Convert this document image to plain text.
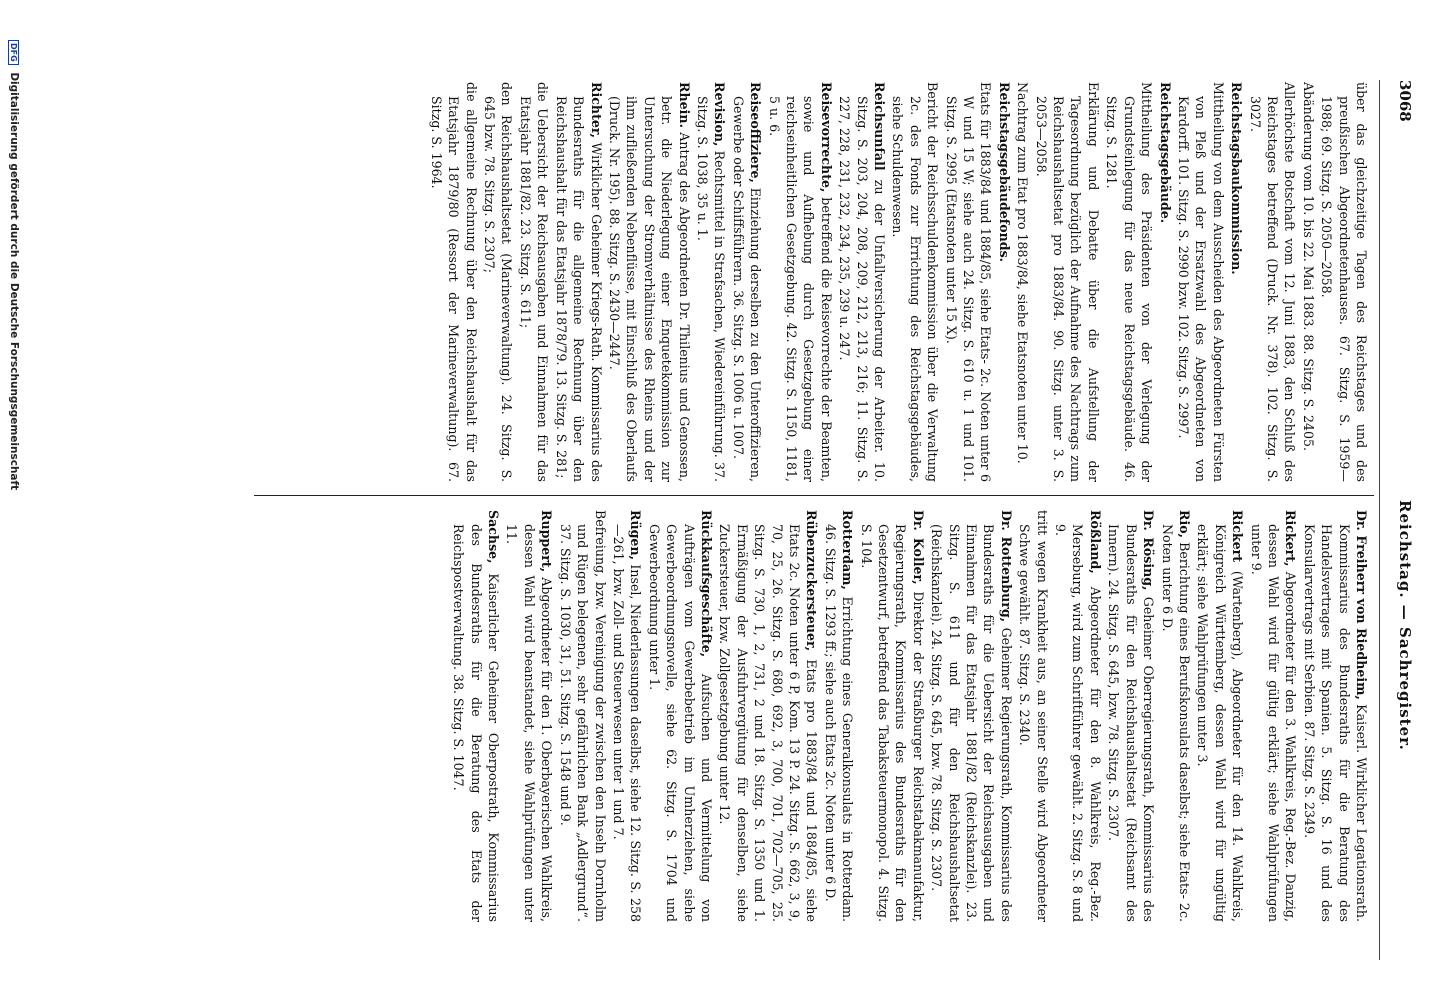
3068
Reichstag. — Sachregister.

über das gleichzeitige Tagen des Reichstages und des preußischen Abgeordnetenhauses. 67. Sitzg. S. 1959—1988; 69. Sitzg. S. 2050—2058.

Abänderung vom 10. bis 22. Mai 1883. 88. Sitzg. S. 2405.

Allerhöchste Botschaft vom 12. Juni 1883, den Schluß des Reichstages betreffend (Druck. Nr. 378). 102. Sitzg. S. 3027.

Reichstagsbaukommission.

Mittheilung von dem Ausscheiden des Abgeordneten Fürsten von Pleß und der Ersatzwahl des Abgeordneten von Kardorff. 101. Sitzg. S. 2990 bzw. 102. Sitzg. S. 2997.

Reichstagsgebäude.

Mittheilung des Präsidenten von der Verlegung der Grundsteinlegung für das neue Reichstagsgebäude. 46. Sitzg. S. 1281.

Erklärung und Debatte über die Aufstellung der Tagesordnung bezüglich der Aufnahme des Nachtrags zum Reichshaushaltsetat pro 1883/84. 90. Sitzg. unter 3. S. 2053—2058.

Nachtrag zum Etat pro 1883/84, siehe Etatsnoten unter 10.

Reichstagsgebäudefonds.

Etats für 1883/84 und 1884/85, siehe Etats- 2c. Noten unter 6 W und 15 W; siehe auch 24. Sitzg. S. 610 u. 1 und 101. Sitzg. S. 2995 (Etatsnoten unter 15 X).

Bericht der Reichsschuldenkommission über die Verwaltung 2c. des Fonds zur Errichtung des Reichstagsgebäudes, siehe Schuldenwesen.

Reichsunfall zu der Unfallversicherung der Arbeiter. 10. Sitzg. S. 203, 204, 208, 209, 212, 213, 216; 11. Sitzg. S. 227, 228, 231, 232, 234, 235, 239 u. 247.

Reisevorrechte, betreffend die Reisevorrechte der Beamten, sowie und Aufhebung durch Gesetzgebung einer reichseinheitlichen Gesetzgebung. 42. Sitzg. S. 1150, 1181, 5 u. 6.

Reiseoffiziere, Einziehung derselben zu den Unteroffizieren, Gewerbe oder Schiffsführern. 36. Sitzg. S. 1006 u. 1007.

Revision, Rechtsmittel in Strafsachen, Wiedereinführung. 37. Sitzg. S. 1038, 35 u. 1.

Rhein. Antrag des Abgeordneten Dr. Thilenius und Genossen, betr. die Niederlegung einer Enquetekommission zur Untersuchung der Stromverhältnisse des Rheins und der ihm zufließenden Nebenflüsse, mit Einschluß des Oberlaufs (Druck. Nr. 195). 88. Sitzg. S. 2430—2447.

Richter, Wirklicher Geheimer Kriegs-Rath. Kommissarius des Bundesraths für die allgemeine Rechnung über den Reichshaushalt für das Etatsjahr 1878/79. 13. Sitzg. S. 281;

die Uebersicht der Reichsausgaben und Einnahmen für das Etatsjahr 1881/82. 23. Sitzg. S. 611;

den Reichshaushaltsetat (Marineverwaltung). 24. Sitzg. S. 645 bzw. 78. Sitzg. S. 2307;

die allgemeine Rechnung über den Reichshaushalt für das Etatsjahr 1879/80 (Ressort der Marineverwaltung). 67. Sitzg. S. 1964.

Dr. Freiherr von Riedheim, Kaiserl. Wirklicher Legationsrath. Kommissarius des Bundesraths für die Beratung des Handelsvertrages mit Spanien. 5. Sitzg. S. 16 und des Konsularvertrags mit Serbien. 87. Sitzg. S. 2349.

Rickert, Abgeordneter für den 3. Wahlkreis, Reg.-Bez. Danzig, dessen Wahl wird für gültig erklärt; siehe Wahlprüfungen unter 9.

Rickert (Wartenberg), Abgeordneter für den 14. Wahlkreis, Königreich Württemberg, dessen Wahl wird für ungültig erklärt; siehe Wahlprüfungen unter 3.

Rio, Berichtung eines Berufskonsulats daselbst; siehe Etats- 2c. Noten unter 6 D.

Dr. Rösing, Geheimer Oberregierungsrath, Kommissarius des Bundesraths für den Reichshaushaltsetat (Reichsamt des Innern). 24. Sitzg. S. 645, bzw. 78. Sitzg. S. 2307.

Rößland, Abgeordneter für den 8. Wahlkreis, Reg.-Bez. Merseburg, wird zum Schriftführer gewählt. 2. Sitzg. S. 8 und 9.

tritt wegen Krankheit aus, an seiner Stelle wird Abgeordneter Schwe gewählt. 87. Sitzg. S. 2340.

Dr. Rottenburg, Geheimer Regierungsrath, Kommissarius des Bundesraths für die Uebersicht der Reichsausgaben und Einnahmen für das Etatsjahr 1881/82 (Reichskanzlei). 23. Sitzg. S. 611 und für den Reichshaushaltsetat (Reichskanzlei). 24. Sitzg. S. 645, bzw. 78. Sitzg. S. 2307.

Dr. Koller, Direktor der Straßburger Reichstabakmanufaktur, Regierungsrath, Kommissarius des Bundesraths für den Gesetzentwurf, betreffend das Tabaksteuermonopol. 4. Sitzg. S. 104.

Rotterdam, Errichtung eines Generalkonsulats in Rotterdam. 46. Sitzg. S. 1293 ff.; siehe auch Etats 2c. Noten unter 6 D.

Rübenzuckersteuer, Etats pro 1883/84 und 1884/85, siehe Etats 2c. Noten unter 6 P, Kom. 13 P. 24. Sitzg. S. 662, 3, 9, 70, 25, 26. Sitzg. S. 680, 692, 3, 700, 701, 702—705, 25. Sitzg. S. 730, 1, 2, 731, 2 und 18. Sitzg. S. 1350 und 1. Ermäßigung der Ausfuhrvergütung für denselben, siehe Zuckersteuer, bzw. Zollgesetzgebung unter 12.

Rückkaufsgeschäfte, Aufsuchen und Vermittelung von Aufträgen vom Gewerbebetrieb im Umherziehen, siehe Gewerbeordnungsnovelle, siehe 62. Sitzg. S. 1704 und Gewerbeordnung unter 1.

Rügen, Insel, Niederlassungen daselbst, siehe 12. Sitzg. S. 258—261, bzw. Zoll- und Steuerwesen unter 1 und 7.

Befreiung, bzw. Vereinigung der zwischen den Inseln Dornholm und Rügen belegenen, sehr gefährlichen Bank „Adlergrund“. 37. Sitzg. S. 1030, 31, 51. Sitzg. S. 1548 und 9.

Ruppert, Abgeordneter für den 1. Oberbayerischen Wahlkreis, dessen Wahl wird beanstandet, siehe Wahlprüfungen unter 11.

Sachse, Kaiserlicher Geheimer Oberpostrath, Kommissarius des Bundesraths für die Beratung des Etats der Reichspostverwaltung. 38. Sitzg. S. 1047.

DFG Digitalisierung gefördert durch die Deutsche Forschungsgemeinschaft
